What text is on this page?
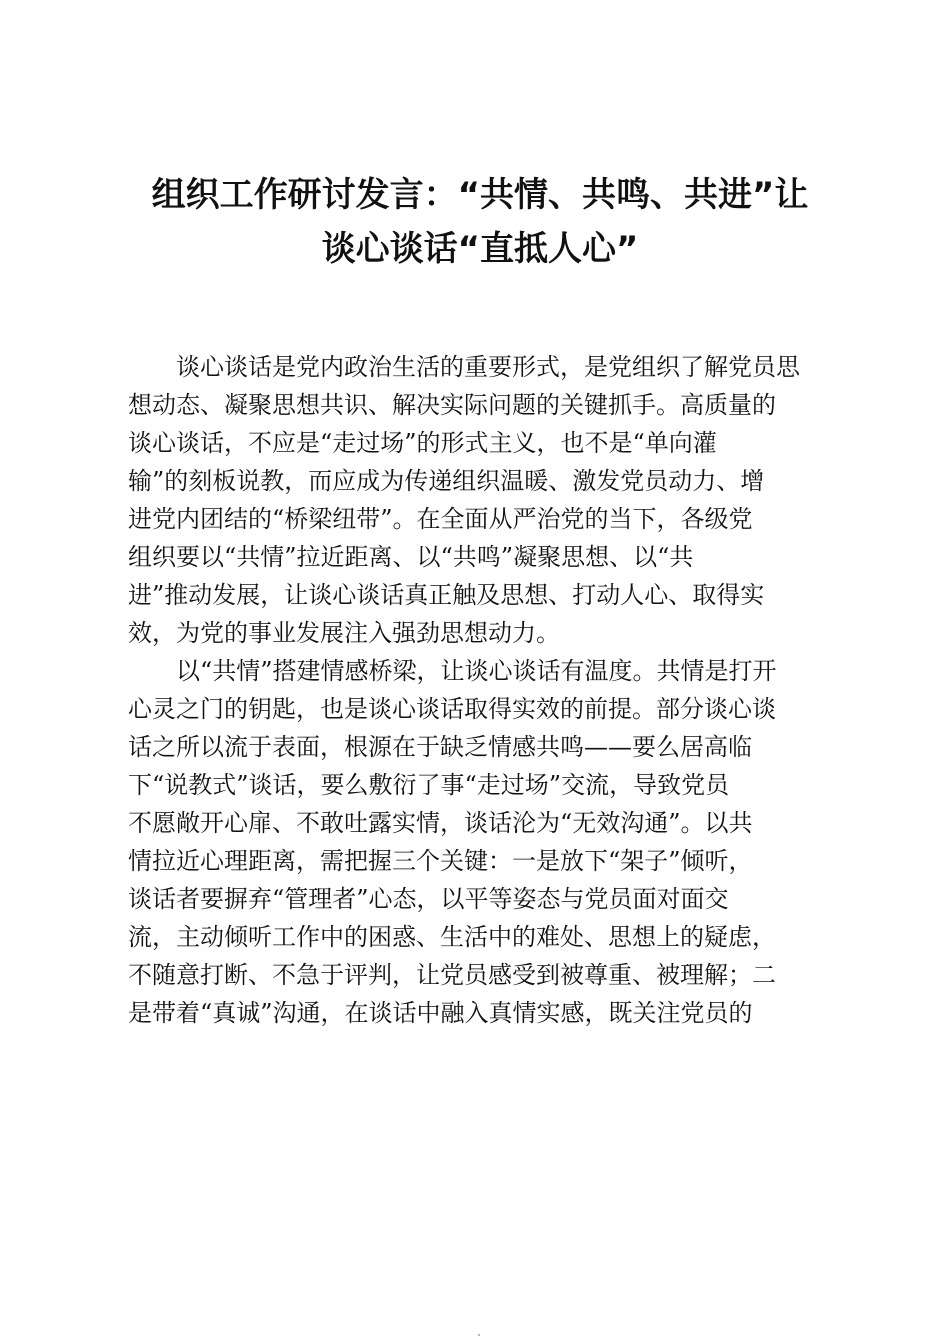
组织工作研讨发言：“共情、共鸣、共进”让
谈心谈话“直抵人心”
谈心谈话是党内政治生活的重要形式，是党组织了解党员思
想动态、凝聚思想共识、解决实际问题的关键抓手。高质量的
谈心谈话，不应是“走过场”的形式主义，也不是“单向灌
输”的刻板说教，而应成为传递组织温暖、激发党员动力、增
进党内团结的“桥梁纽带”。在全面从严治党的当下，各级党
组织要以“共情”拉近距离、以“共鸣”凝聚思想、以“共
进”推动发展，让谈心谈话真正触及思想、打动人心、取得实
效，为党的事业发展注入强劲思想动力。
以“共情”搭建情感桥梁，让谈心谈话有温度。共情是打开
心灵之门的钥匙，也是谈心谈话取得实效的前提。部分谈心谈
话之所以流于表面，根源在于缺乏情感共鸣——要么居高临
下“说教式”谈话，要么敷衍了事“走过场”交流，导致党员
不愿敞开心扉、不敢吐露实情，谈话沦为“无效沟通”。以共
情拉近心理距离，需把握三个关键：一是放下“架子”倾听，
谈话者要摒弃“管理者”心态，以平等姿态与党员面对面交
流，主动倾听工作中的困惑、生活中的难处、思想上的疑虑，
不随意打断、不急于评判，让党员感受到被尊重、被理解；二
是带着“真诚”沟通，在谈话中融入真情实感，既关注党员的
